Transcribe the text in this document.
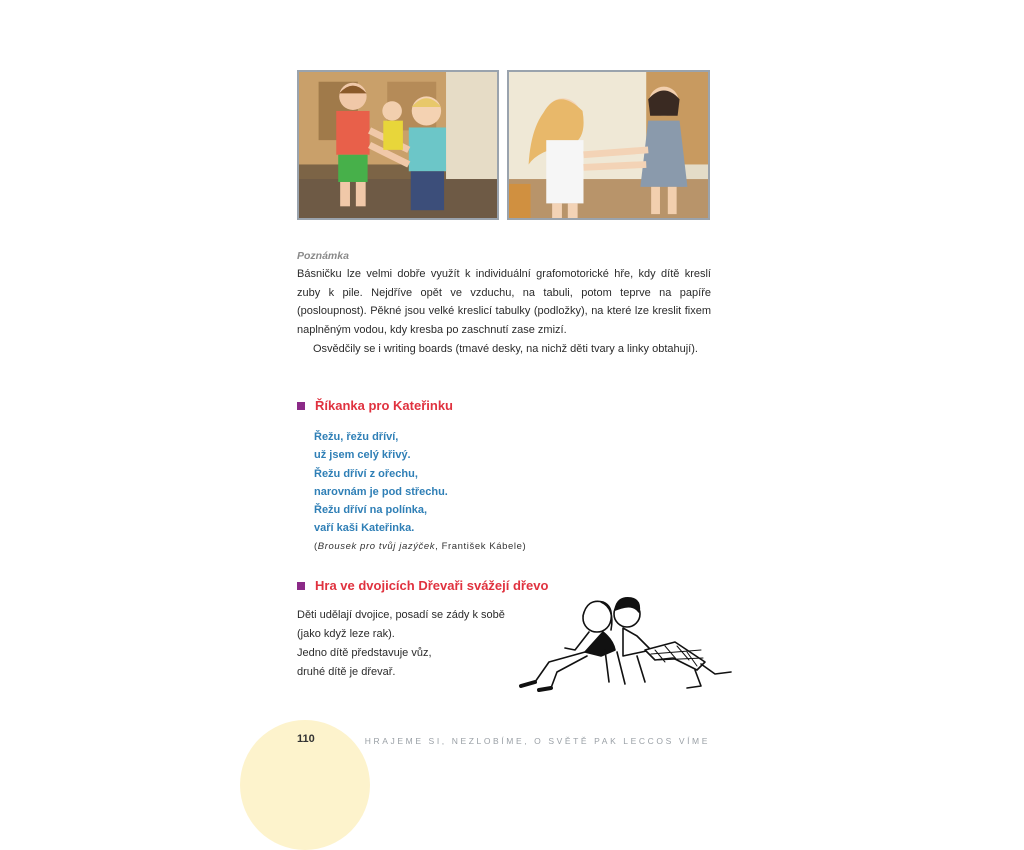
Poznámka

Básničku lze velmi dobře využít k individuální grafomotorické hře, kdy dítě kreslí zuby k pile. Nejdříve opět ve vzduchu, na tabuli, potom teprve na papíře (posloupnost). Pěkné jsou velké kreslicí tabulky (podložky), na které lze kreslit fixem naplněným vodou, kdy kresba po zaschnutí zase zmizí.

Osvědčily se i writing boards (tmavé desky, na nichž děti tvary a linky obtahují).

Říkanka pro Kateřinku
Řežu, řežu dříví,
už jsem celý křivý.
Řežu dříví z ořechu,
narovnám je pod střechu.
Řežu dříví na polínka,
vaří kaši Kateřinka.

(Brousek pro tvůj jazýček, František Kábele)

Hra ve dvojicích Dřevaři svážejí dřevo
Děti udělají dvojice, posadí se zády k sobě
(jako když leze rak).
Jedno dítě představuje vůz,
druhé dítě je dřevař.

110	HRAJEME SI, NEZLOBÍME, O SVĚTĚ PAK LECCOS VÍME
